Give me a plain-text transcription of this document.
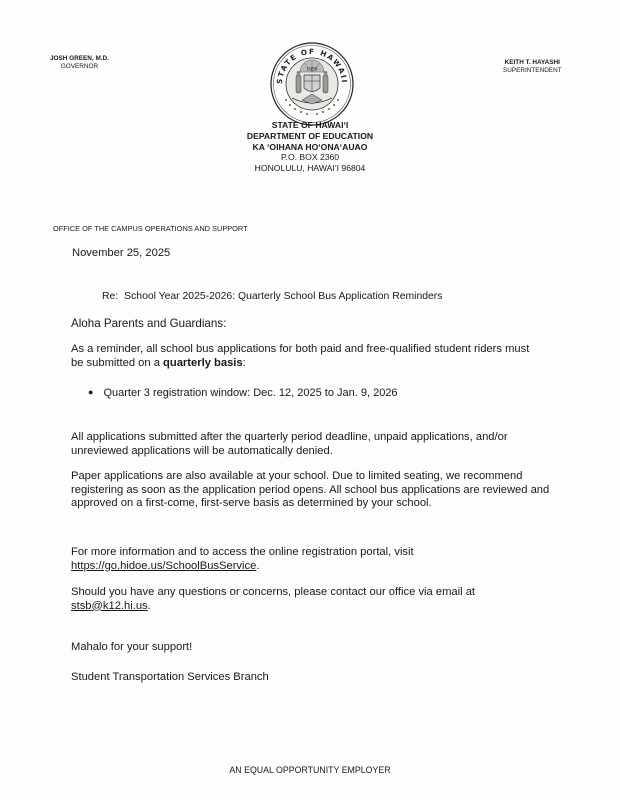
JOSH GREEN, M.D.
GOVERNOR
STATE OF HAWAII
1959
KEITH T. HAYASHI
SUPERINTENDENT
STATE OF HAWAI‘I
DEPARTMENT OF EDUCATION
KA ‘OIHANA HO‘ONA‘AUAO
P.O. BOX 2360
HONOLULU, HAWAI‘I 96804
OFFICE OF THE CAMPUS OPERATIONS AND SUPPORT
November 25, 2025
Re: School Year 2025-2026: Quarterly School Bus Application Reminders
Aloha Parents and Guardians:
As a reminder, all school bus applications for both paid and free-qualified student riders must be submitted on a quarterly basis:
● Quarter 3 registration window: Dec. 12, 2025 to Jan. 9, 2026
All applications submitted after the quarterly period deadline, unpaid applications, and/or unreviewed applications will be automatically denied.
Paper applications are also available at your school. Due to limited seating, we recommend registering as soon as the application period opens. All school bus applications are reviewed and approved on a first-come, first-serve basis as determined by your school.
For more information and to access the online registration portal, visit https://go.hidoe.us/SchoolBusService.
Should you have any questions or concerns, please contact our office via email at stsb@k12.hi.us.
Mahalo for your support!
Student Transportation Services Branch
AN EQUAL OPPORTUNITY EMPLOYER
